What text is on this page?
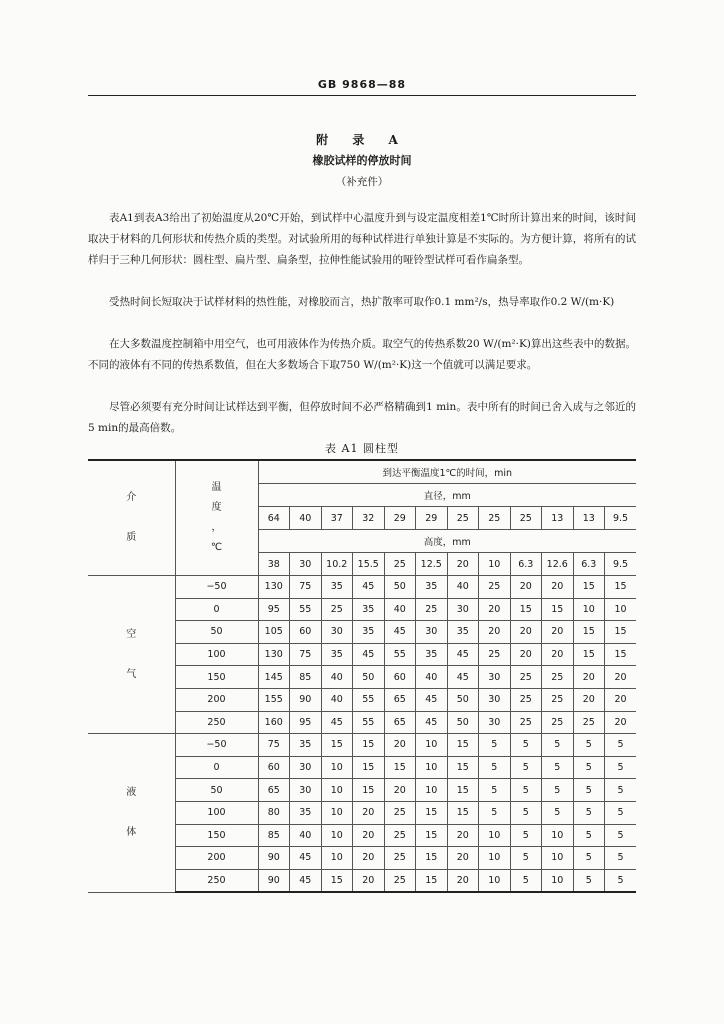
GB 9868—88
附 录 A
橡胶试样的停放时间
（补充件）

表A1到表A3给出了初始温度从20℃开始，到试样中心温度升到与设定温度相差1℃时所计算出来的时间，该时间取决于材料的几何形状和传热介质的类型。对试验所用的每种试样进行单独计算是不实际的。为方便计算，将所有的试样归于三种几何形状：圆柱型、扁片型、扁条型，拉伸性能试验用的哑铃型试样可看作扁条型。

受热时间长短取决于试样材料的热性能，对橡胶而言，热扩散率可取作0.1 mm²/s，热导率取作0.2 W/(m·K)

在大多数温度控制箱中用空气，也可用液体作为传热介质。取空气的传热系数20 W/(m²·K)算出这些表中的数据。不同的液体有不同的传热系数值，但在大多数场合下取750 W/(m²·K)这一个值就可以满足要求。

尽管必须要有充分时间让试样达到平衡，但停放时间不必严格精确到1 min。表中所有的时间已舍入成与之邻近的5 min的最高倍数。

表 A1 圆柱型
介

质	温
度
，
℃	到达平衡温度1℃的时间，min											
		直径，mm											
		64	40	37	32	29	29	25	25	25	13	13	9.5
		高度，mm											
		38	30	10.2	15.5	25	12.5	20	10	6.3	12.6	6.3	9.5
空

气	−50	130	75	35	45	50	35	40	25	20	20	15	15
	0	95	55	25	35	40	25	30	20	15	15	10	10
	50	105	60	30	35	45	30	35	20	20	20	15	15
	100	130	75	35	45	55	35	45	25	20	20	15	15
	150	145	85	40	50	60	40	45	30	25	25	20	20
	200	155	90	40	55	65	45	50	30	25	25	20	20
	250	160	95	45	55	65	45	50	30	25	25	25	20
液

体	−50	75	35	15	15	20	10	15	5	5	5	5	5
	0	60	30	10	15	15	10	15	5	5	5	5	5
	50	65	30	10	15	20	10	15	5	5	5	5	5
	100	80	35	10	20	25	15	15	5	5	5	5	5
	150	85	40	10	20	25	15	20	10	5	10	5	5
	200	90	45	10	20	25	15	20	10	5	10	5	5
	250	90	45	15	20	25	15	20	10	5	10	5	5
